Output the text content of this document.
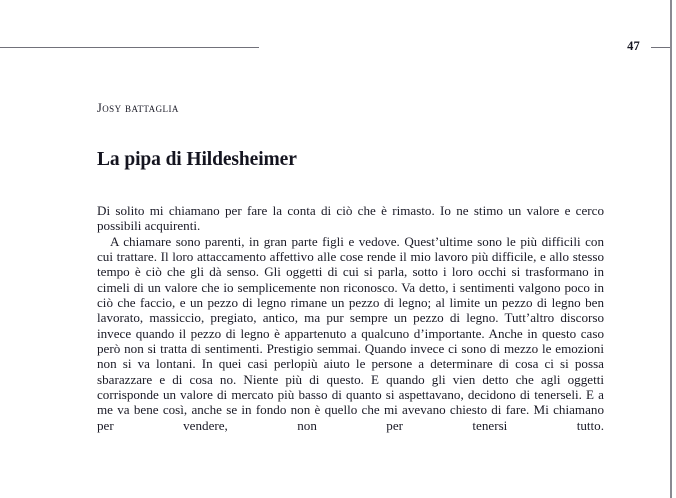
47
Josy battaglia
La pipa di Hildesheimer

Di solito mi chiamano per fare la conta di ciò che è rimasto. Io ne stimo un valore e cerco possibili acquirenti.

A chiamare sono parenti, in gran parte figli e vedove. Quest’ultime sono le più difficili con cui trattare. Il loro attaccamento affettivo alle cose rende il mio lavoro più difficile, e allo stesso tempo è ciò che gli dà senso. Gli oggetti di cui si parla, sotto i loro occhi si trasformano in cimeli di un valore che io semplicemente non riconosco. Va detto, i sentimenti valgono poco in ciò che faccio, e un pezzo di legno rimane un pezzo di legno; al limite un pezzo di legno ben lavorato, massiccio, pregiato, antico, ma pur sempre un pezzo di legno. Tutt’altro discorso invece quando il pezzo di legno è appartenuto a qualcuno d’importante. Anche in questo caso però non si tratta di sentimenti. Prestigio semmai. Quando invece ci sono di mezzo le emozioni non si va lontani. In quei casi perlopiù aiuto le persone a determinare di cosa ci si possa sbarazzare e di cosa no. Niente più di questo. E quando gli vien detto che agli oggetti corrisponde un valore di mercato più basso di quanto si aspettavano, decidono di tenerseli. E a me va bene così, anche se in fondo non è quello che mi avevano chiesto di fare. Mi chiamano per vendere, non per tenersi tutto.
